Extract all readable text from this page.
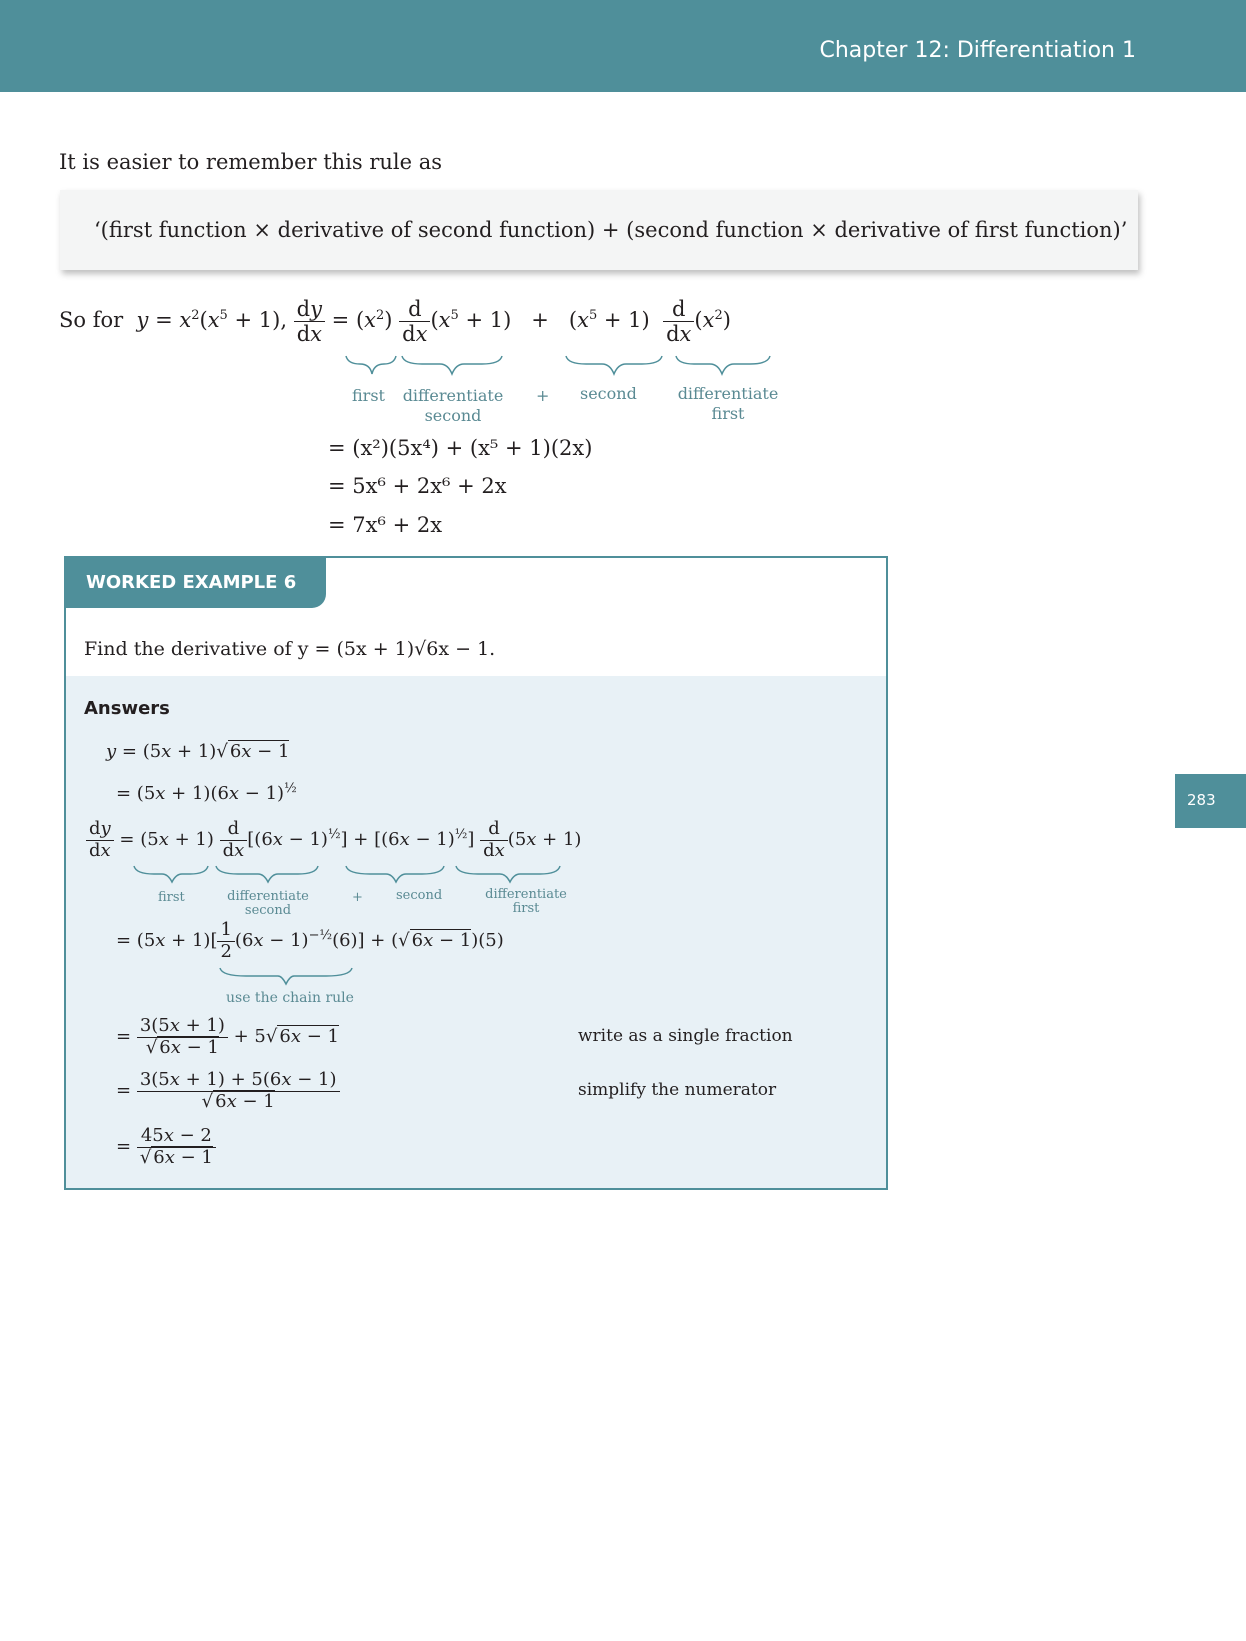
Chapter 12: Differentiation 1
It is easier to remember this rule as
‘(first function × derivative of second function) + (second function × derivative of first function)’
So for  $y = x^2(x^5 + 1)$, $\frac{dy}{dx} = (x^2) \frac{d}{dx} (x^5 + 1) + (x^5 + 1) \frac{d}{dx} (x^2)$
first differentiate second
+ second	differentiate first
= (x²)(5x⁴) + (x⁵ + 1)(2x)
= 5x⁶ + 2x⁶ + 2x
= 7x⁶ + 2x
WORKED EXAMPLE 6
Find the derivative of y = (5x + 1)√6x − 1.
Answers
y = (5x + 1)√ 6x − 1
= $(5x + 1)(6x - 1)^{\frac{1}{2}}$
$\frac{dy}{dx} = (5x + 1) \frac{d}{dx} [(6x - 1)^{\frac{1}{2}}] + [(6x - 1)^{\frac{1}{2}}] \frac{d}{dx} (5x + 1)$
first	differentiate second
+	second	differentiate first
= $(5x + 1)[ \frac{1}{2} (6x - 1)^{-\frac{1}{2}}(6)]$ + (√ 6x − 1)(5)
use the chain rule
= $\frac{3(5x + 1)}{√ 6x - 1} + 5√$ 6x − 1	write as a single fraction
= $\frac{3(5x + 1) + 5(6x - 1)}{√ 6x - 1}$	simplify the numerator
= $\frac{45x - 2}{√ 6x - 1}$
283
